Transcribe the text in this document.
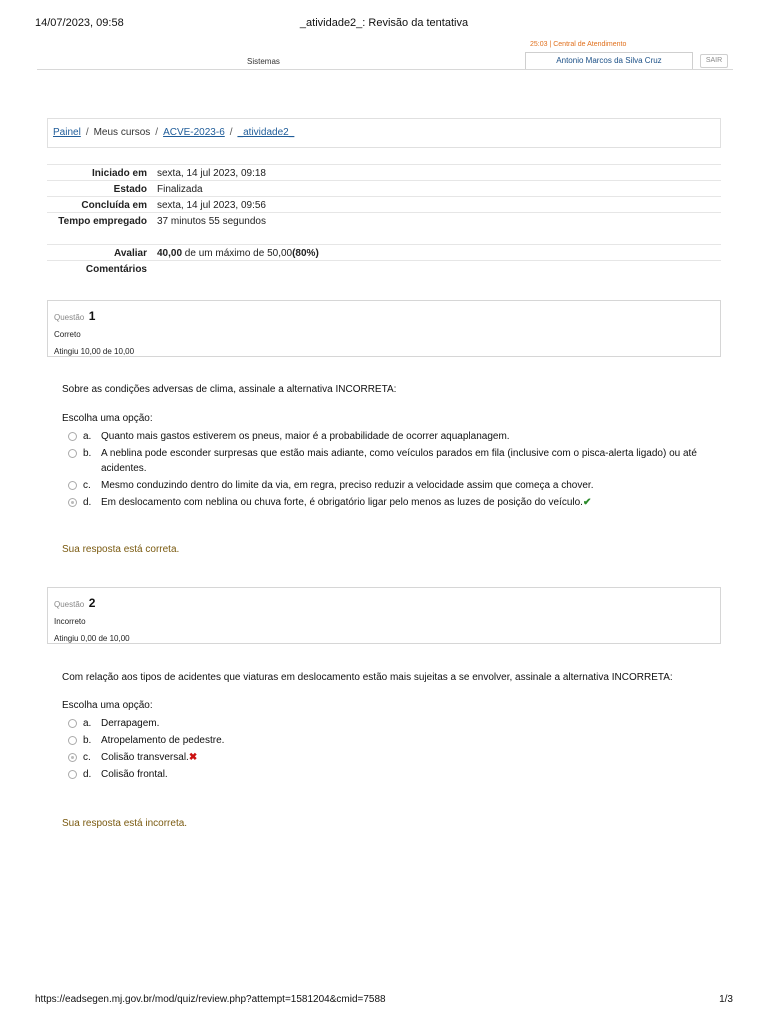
14/07/2023, 09:58	_atividade2_: Revisão da tentativa
Sistemas
25:03 | Central de Atendimento
Antonio Marcos da Silva Cruz	SAIR
Painel / Meus cursos / ACVE-2023-6 / _atividade2_
Iniciado em sexta, 14 jul 2023, 09:18
Estado Finalizada
Concluída em sexta, 14 jul 2023, 09:56
Tempo empregado 37 minutos 55 segundos
Avaliar 40,00 de um máximo de 50,00(80%)
Comentários
Questão 1
Correto
Atingiu 10,00 de 10,00
Sobre as condições adversas de clima, assinale a alternativa INCORRETA:
Escolha uma opção:
a. Quanto mais gastos estiverem os pneus, maior é a probabilidade de ocorrer aquaplanagem.
b. A neblina pode esconder surpresas que estão mais adiante, como veículos parados em fila (inclusive com o pisca-alerta ligado) ou até acidentes.
c. Mesmo conduzindo dentro do limite da via, em regra, preciso reduzir a velocidade assim que começa a chover.
d. Em deslocamento com neblina ou chuva forte, é obrigatório ligar pelo menos as luzes de posição do veículo.✔
Sua resposta está correta.
Questão 2
Incorreto
Atingiu 0,00 de 10,00
Com relação aos tipos de acidentes que viaturas em deslocamento estão mais sujeitas a se envolver, assinale a alternativa INCORRETA:
Escolha uma opção:
a. Derrapagem.
b. Atropelamento de pedestre.
c. Colisão transversal.✖
d. Colisão frontal.
Sua resposta está incorreta.
https://eadsegen.mj.gov.br/mod/quiz/review.php?attempt=1581204&cmid=7588	1/3
